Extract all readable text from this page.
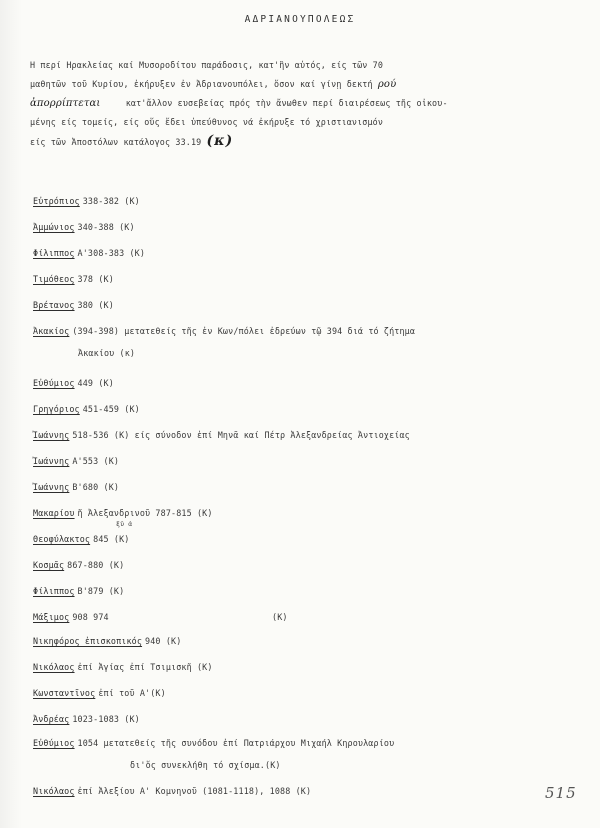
ΑΔΡΙΑΝΟΥΠΟΛΕΩΣ
Η περί Ηρακλείας καί Μυσοροδίτου παράδοσις, κατ'ἣν αὐτός, είς τῶν 70
μαθητῶν τοῦ Κυρίου, ἐκήρυξεν ἐν Ἀδριανουπόλει, ὅσον καί γίνῃ δεκτή ρού
ἀπορρίπτεται	κατ'ἄλλον ευσεβείας πρός τὴν ἄνωθεν περί διαιρέσεως τῆς οἰκου-
μένης είς τομείς, είς οὕς ἔδει ὑπεύθυνος νά ἐκήρυξε τό χριστιανισμόν
είς τῶν Ἀποστόλων κατάλογος 33.19 (κ)
Εὐτρόπιος 338-382 (Κ)
Ἀμμώνιος 340-388 (Κ)
Φίλιππος Α'308-383 (Κ)
Τιμόθεος 378 (Κ)
Βρέτανος 380 (Κ)
Ἀκακίος (394-398) μετατεθείς τῆς ἐν Κων/πόλει ἐδρεύων τῷ 394 διά τό ζήτημα
Ἀκακίου (κ)
Εὐθύμιος 449 (Κ)
Γρηγόριος 451-459 (Κ)
Ἰωάννης 518-536 (Κ) είς σύνοδον ἐπί Μηνᾶ καί Πέτρ Ἀλεξανδρείας Ἀντιοχείας
Ἰωάννης Α'553 (Κ)
Ἰωάννης Β'680 (Κ)
Μακαρίου ἤ Ἀλεξανδρινοῦ 787-815 (Κ)
ξῦ ἀ
Θεοφύλακτος 845 (Κ)
Κοσμᾶς 867-880 (Κ)
Φίλιππος Β'879 (Κ)
Μάξιμος 908 974	(Κ)
Νικηφόρος ἐπισκοπικός 940 (Κ)
Νικόλαος ἐπί Ἀγίας ἐπί Τσιμισκῆ (Κ)
Κωνσταντῖνος ἐπί τοῦ Α'(Κ)
Ἀνδρέας 1023-1083 (Κ)
Εὐθύμιος 1054 μετατεθείς τῆς συνόδου ἐπί Πατριάρχου Μιχαήλ Κηρουλαρίου
δι'ὅς συνεκλήθη τό σχίσμα.(Κ)
Νικόλαος ἐπί Ἀλεξίου Α' Κομνηνοῦ (1081-1118), 1088 (Κ)	515
